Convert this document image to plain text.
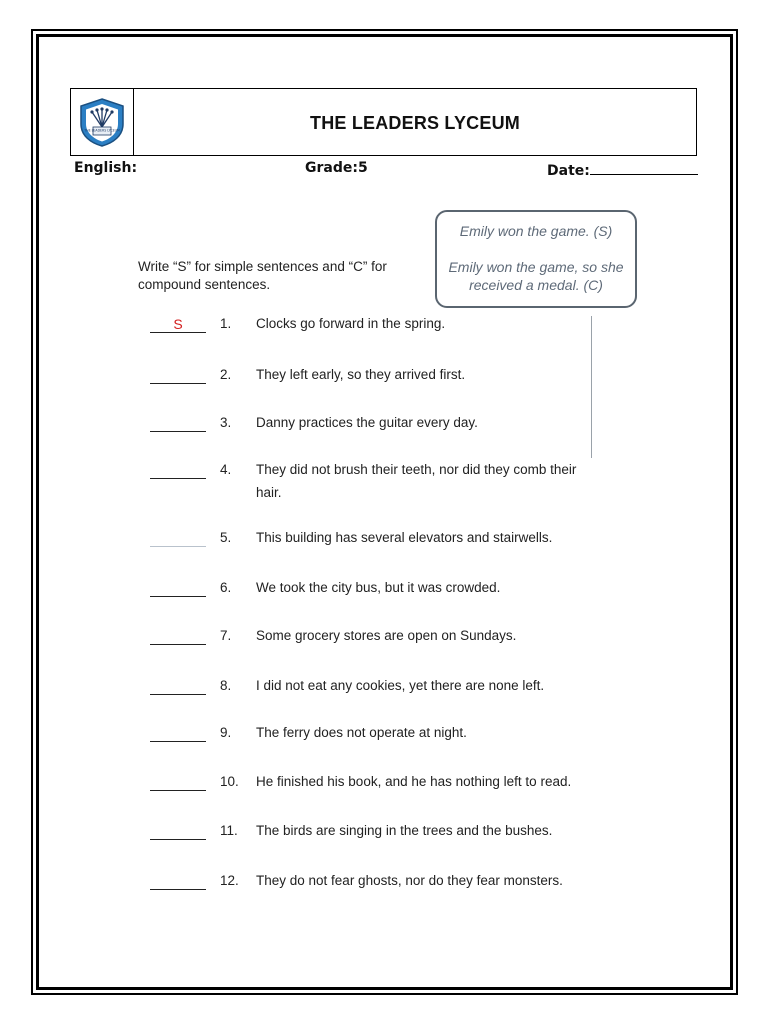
THE LEADERS LYCEUM	THE LEADERS LYCEUM
English:	Grade:5	Date:
Write “S” for simple sentences and “C” for compound sentences.
Emily won the game. (S)
Emily won the game, so she received a medal. (C)
S	1. Clocks go forward in the spring.
2. They left early, so they arrived first.
3. Danny practices the guitar every day.
4. They did not brush their teeth, nor did they comb their hair.
5. This building has several elevators and stairwells.
6. We took the city bus, but it was crowded.
7. Some grocery stores are open on Sundays.
8. I did not eat any cookies, yet there are none left.
9. The ferry does not operate at night.
10. He finished his book, and he has nothing left to read.
11. The birds are singing in the trees and the bushes.
12. They do not fear ghosts, nor do they fear monsters.
